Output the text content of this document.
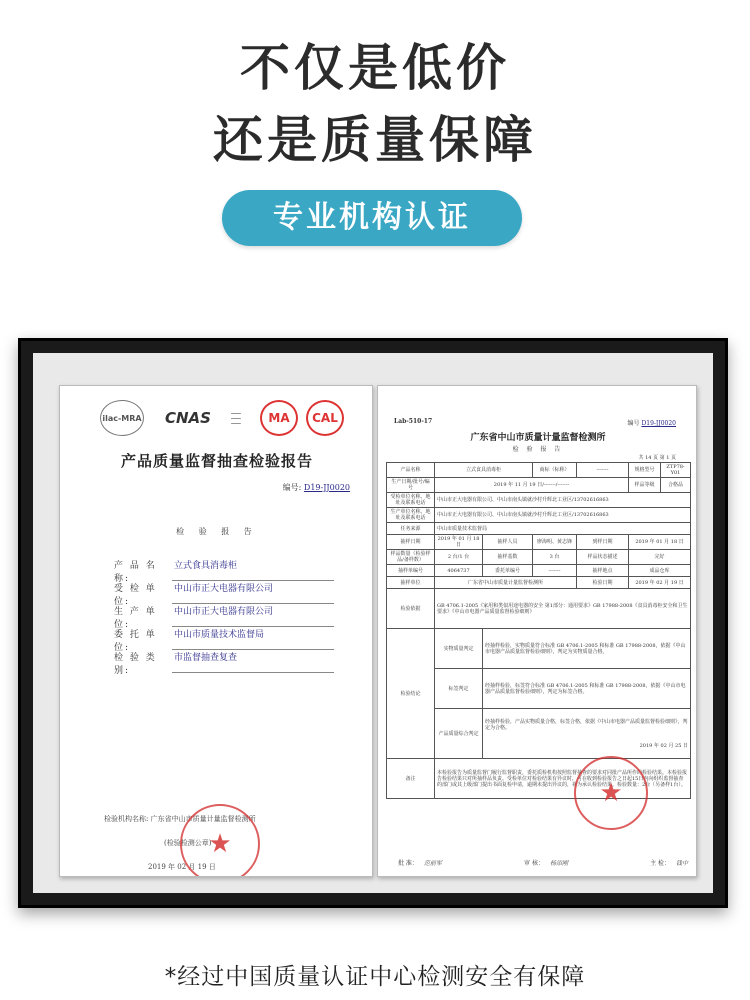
不仅是低价
还是质量保障
专业机构认证
ilac-MRA	CNAS	━━━━
━━━━
━━━━	MA	CAL
产品质量监督抽查检验报告
编号: D19-JJ0020
检 验 报 告
产 品 名 称:
立式食具消毒柜
受 检 单 位:
中山市正大电器有限公司
生 产 单 位:
中山市正大电器有限公司
委 托 单 位:
中山市质量技术监督局
检 验 类 别:
市监督抽查复查
检验机构名称: 广东省中山市质量计量监督检测所
(检验检测公章)
2019 年 02 月 19 日
★
Lab-510-17	编号 D19-JJ0020
广东省中山市质量计量监督检测所
检 验 报 告
共 14 页 第 1 页
产品名称	立式食具消毒柜		商标（标称）	-------	规格型号	ZTP78-Y01
生产日期/批号/编号	2019 年 11 月 19 日/-------/-------				样品等级	合格品
受检单位名称、地址及联系电话	中山市正大电器有限公司、中山市南头镇就沙村升辉北工业区/13702616863					
生产单位名称、地址及联系电话	中山市正大电器有限公司、中山市南头镇就沙村升辉北工业区/13702616863					
任务来源	中山市质量技术监督局					
抽样日期	2019 年 01 月 18 日	抽样人员	廖海明、黄志锋	到样日期	2019 年 01 月 18 日	
样品数量（检验样品/备样数）	2 台/1 台	抽样基数	3 台	样品状态描述	完好	
抽样单编号	4064737	委托单编号	-------	抽样地点	成品仓库	
抽样单位	广东省中山市质量计量监督检测所			检验日期	2019 年 02 月 19 日	
检验依据	GB 4706.1-2005《家用和类似用途电器的安全 第1部分：通用要求》GB 17988-2008《食具消毒柜安全和卫生要求》《中山市电器产品质量监督检验细则》					
检验结论	实物质量判定	经抽样检验，实物质量符合标准 GB 4706.1-2005 和标准 GB 17988-2008，依据《中山市电器产品质量监督检验细则》，判定为实物质量合格。				
	标签判定	经抽样检验，标签符合标准 GB 4706.1-2005 和标准 GB 17988-2008，依据《中山市电器产品质量监督检验细则》，判定为标签合格。				
	产品质量综合判定	经抽样检验，产品实物质量合格，标签合格，依据《中山市电器产品质量监督检验细则》，判定为合格。
2019 年 02 月 25 日				

备注	本检验报告为质量监督门履行监督职责，委托质检机构按照监督抽查的要求对同批产品所作的检验结果。本检验报告检验结果只对所抽样品负责。受检单位对检验结果有异议时，可在收到检验报告之日起15日内向组织监督抽查的部门或其上级部门提出书面复检申请，逾期未提出异议的，视为承认检验结果。检验数量：2台（另备样1台）。					
★
批 准： 范前军	审 核： 杨添刚	主 检： 钱中
*经过中国质量认证中心检测安全有保障
